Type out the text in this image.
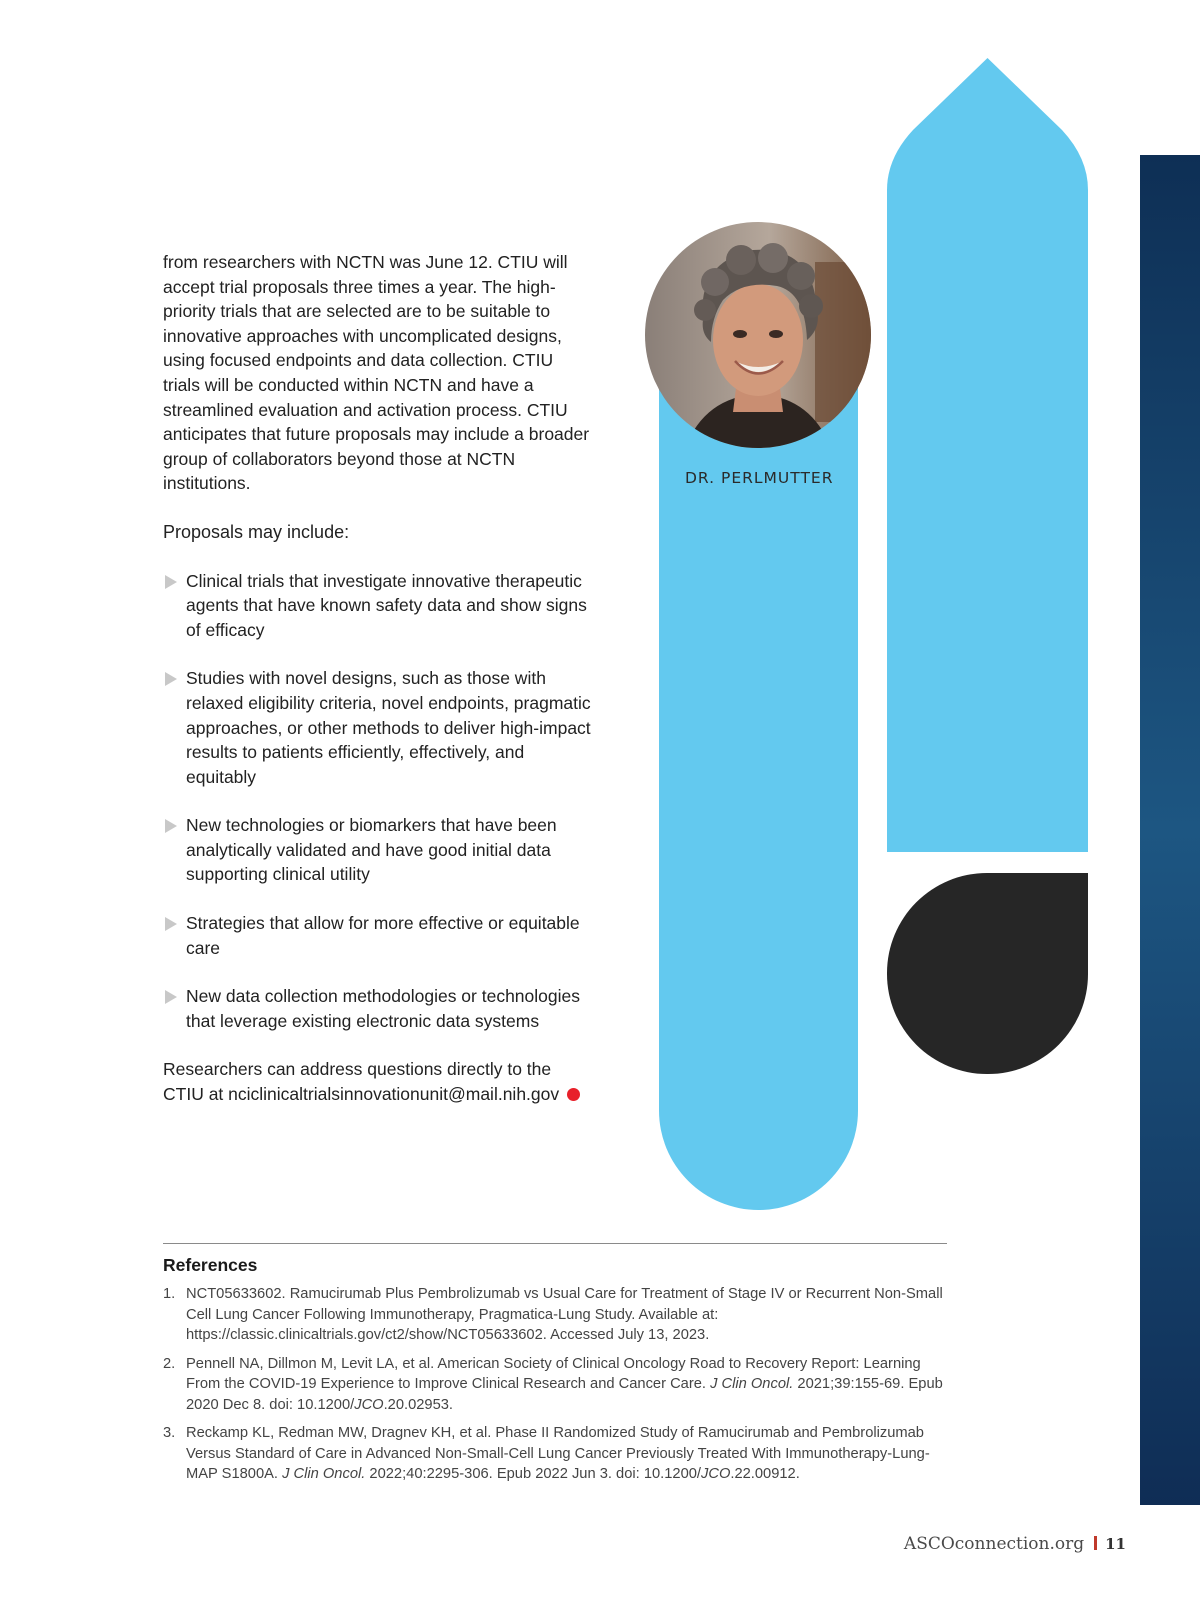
DR. PERLMUTTER

from researchers with NCTN was June 12. CTIU will accept trial proposals three times a year. The high-priority trials that are selected are to be suitable to innovative approaches with uncomplicated designs, using focused endpoints and data collection. CTIU trials will be conducted within NCTN and have a streamlined evaluation and activation process. CTIU anticipates that future proposals may include a broader group of collaborators beyond those at NCTN institutions.

Proposals may include:

Clinical trials that investigate innovative therapeutic agents that have known safety data and show signs of efficacy
Studies with novel designs, such as those with relaxed eligibility criteria, novel endpoints, pragmatic approaches, or other methods to deliver high-impact results to patients efficiently, effectively, and equitably
New technologies or biomarkers that have been analytically validated and have good initial data supporting clinical utility
Strategies that allow for more effective or equitable care
New data collection methodologies or technologies that leverage existing electronic data systems

Researchers can address questions directly to the CTIU at nciclinicaltrialsinnovationunit@mail.nih.gov

References

1. NCT05633602. Ramucirumab Plus Pembrolizumab vs Usual Care for Treatment of Stage IV or Recurrent Non-Small Cell Lung Cancer Following Immunotherapy, Pragmatica-Lung Study. Available at: https://classic.clinicaltrials.gov/ct2/show/NCT05633602. Accessed July 13, 2023.
2. Pennell NA, Dillmon M, Levit LA, et al. American Society of Clinical Oncology Road to Recovery Report: Learning From the COVID-19 Experience to Improve Clinical Research and Cancer Care. J Clin Oncol. 2021;39:155-69. Epub 2020 Dec 8. doi: 10.1200/JCO.20.02953.
3. Reckamp KL, Redman MW, Dragnev KH, et al. Phase II Randomized Study of Ramucirumab and Pembrolizumab Versus Standard of Care in Advanced Non-Small-Cell Lung Cancer Previously Treated With Immunotherapy-Lung-MAP S1800A. J Clin Oncol. 2022;40:2295-306. Epub 2022 Jun 3. doi: 10.1200/JCO.22.00912.
ASCOconnection.org 11
